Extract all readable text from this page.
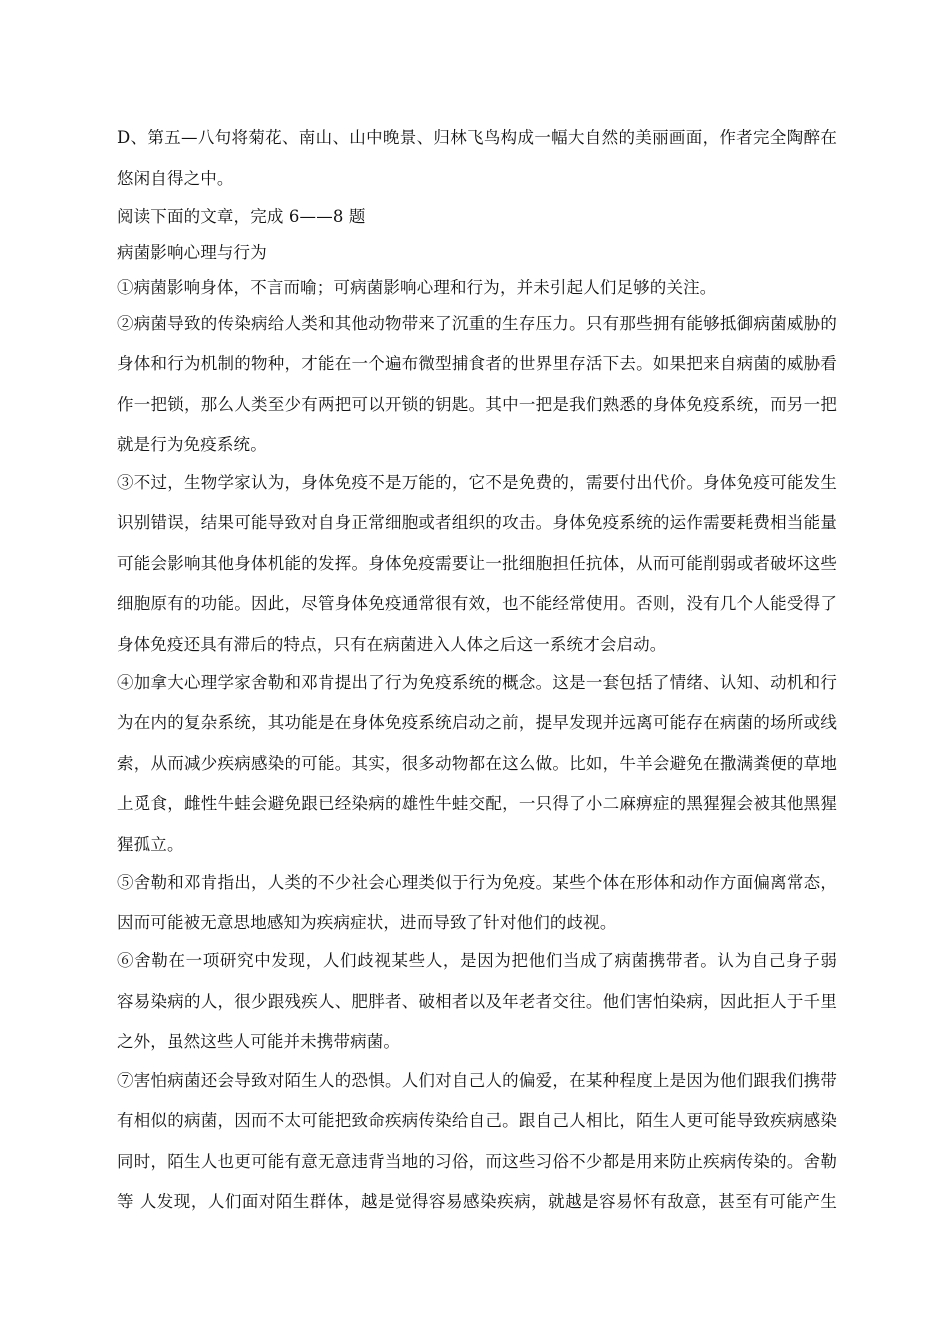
D、第五—八句将菊花、南山、山中晚景、归林飞鸟构成一幅大自然的美丽画面，作者完全陶醉在
悠闲自得之中。
阅读下面的文章，完成 6——8 题
病菌影响心理与行为
①病菌影响身体，不言而喻；可病菌影响心理和行为，并未引起人们足够的关注。
②病菌导致的传染病给人类和其他动物带来了沉重的生存压力。只有那些拥有能够抵御病菌威胁的
身体和行为机制的物种，才能在一个遍布微型捕食者的世界里存活下去。如果把来自病菌的威胁看
作一把锁，那么人类至少有两把可以开锁的钥匙。其中一把是我们熟悉的身体免疫系统，而另一把
就是行为免疫系统。
③不过，生物学家认为，身体免疫不是万能的，它不是免费的，需要付出代价。身体免疫可能发生
识别错误，结果可能导致对自身正常细胞或者组织的攻击。身体免疫系统的运作需要耗费相当能量
可能会影响其他身体机能的发挥。身体免疫需要让一批细胞担任抗体，从而可能削弱或者破坏这些
细胞原有的功能。因此，尽管身体免疫通常很有效，也不能经常使用。否则，没有几个人能受得了
身体免疫还具有滞后的特点，只有在病菌进入人体之后这一系统才会启动。
④加拿大心理学家舍勒和邓肯提出了行为免疫系统的概念。这是一套包括了情绪、认知、动机和行
为在内的复杂系统，其功能是在身体免疫系统启动之前，提早发现并远离可能存在病菌的场所或线
索，从而减少疾病感染的可能。其实，很多动物都在这么做。比如，牛羊会避免在撒满粪便的草地
上觅食，雌性牛蛙会避免跟已经染病的雄性牛蛙交配，一只得了小二麻痹症的黑猩猩会被其他黑猩
猩孤立。
⑤舍勒和邓肯指出，人类的不少社会心理类似于行为免疫。某些个体在形体和动作方面偏离常态，
因而可能被无意思地感知为疾病症状，进而导致了针对他们的歧视。
⑥舍勒在一项研究中发现，人们歧视某些人，是因为把他们当成了病菌携带者。认为自己身子弱
容易染病的人，很少跟残疾人、肥胖者、破相者以及年老者交往。他们害怕染病，因此拒人于千里
之外，虽然这些人可能并未携带病菌。
⑦害怕病菌还会导致对陌生人的恐惧。人们对自己人的偏爱，在某种程度上是因为他们跟我们携带
有相似的病菌，因而不太可能把致命疾病传染给自己。跟自己人相比，陌生人更可能导致疾病感染
同时，陌生人也更可能有意无意违背当地的习俗，而这些习俗不少都是用来防止疾病传染的。舍勒
等 人发现，人们面对陌生群体，越是觉得容易感染疾病，就越是容易怀有敌意，甚至有可能产生
